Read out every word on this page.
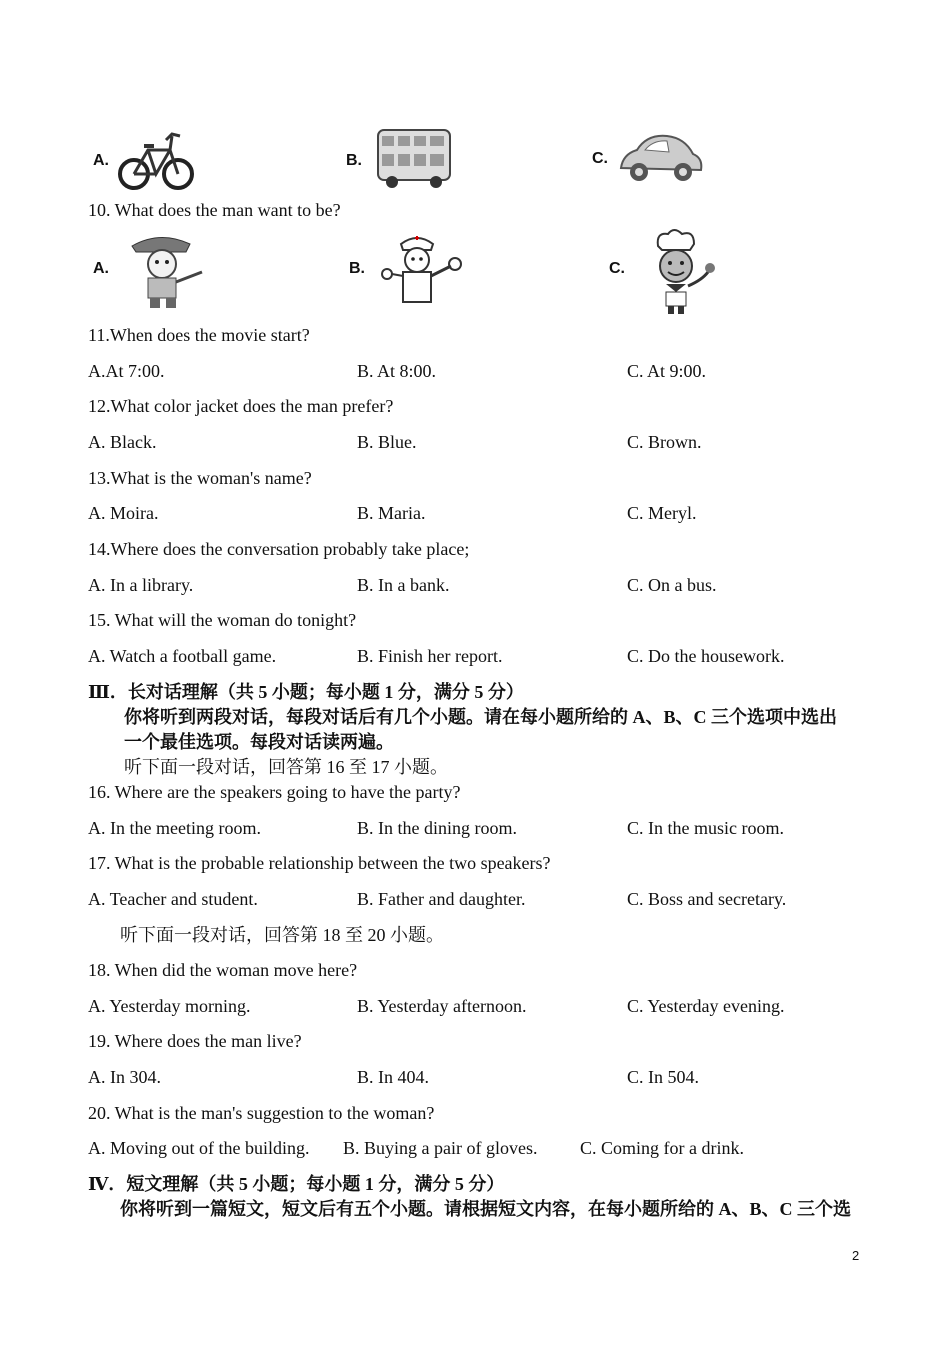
A.	B.	C.
10. What does the man want to be?
A.	B.	C.
11.When does the movie start?
A.At 7:00.	B. At 8:00.	C. At 9:00.
12.What color jacket does the man prefer?
A. Black.	B. Blue.	C. Brown.
13.What is the woman's name?
A. Moira.	B. Maria.	C. Meryl.
14.Where does the conversation probably take place;
A. In a library.	B. In a bank.	C. On a bus.
15. What will the woman do tonight?
A. Watch a football game.	B. Finish her report.	C. Do the housework.
Ⅲ．长对话理解（共 5 小题；每小题 1 分，满分 5 分）
你将听到两段对话，每段对话后有几个小题。请在每小题所给的 A、B、C 三个选项中选出
一个最佳选项。每段对话读两遍。
听下面一段对话，回答第 16 至 17 小题。
16. Where are the speakers going to have the party?
A. In the meeting room.	B. In the dining room.	C. In the music room.
17. What is the probable relationship between the two speakers?
A. Teacher and student.	B. Father and daughter.	C. Boss and secretary.
听下面一段对话，回答第 18 至 20 小题。
18. When did the woman move here?
A. Yesterday morning.	B. Yesterday afternoon.	C. Yesterday evening.
19. Where does the man live?
A. In 304.	B. In 404.	C. In 504.
20. What is the man's suggestion to the woman?
A. Moving out of the building. B. Buying a pair of gloves. C. Coming for a drink.
Ⅳ．短文理解（共 5 小题；每小题 1 分，满分 5 分）
你将听到一篇短文，短文后有五个小题。请根据短文内容，在每小题所给的 A、B、C 三个选
2
